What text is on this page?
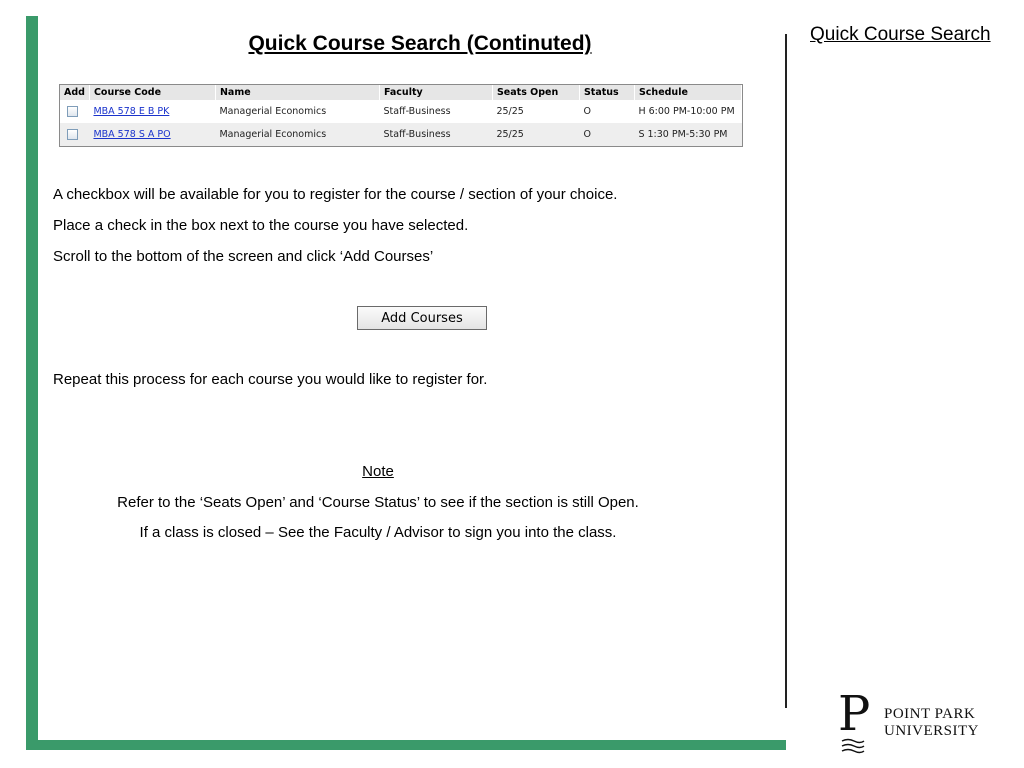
Quick Course Search
Quick Course Search (Continuted)
Add	Course Code	Name	Faculty	Seats Open	Status	Schedule
	MBA 578 E B PK	Managerial Economics	Staff-Business	25/25	O	H 6:00 PM-10:00 PM
	MBA 578 S A PO	Managerial Economics	Staff-Business	25/25	O	S 1:30 PM-5:30 PM
A checkbox will be available for you to register for the course / section of your choice.
Place a check in the box next to the course you have selected.
Scroll to the bottom of the screen and click ‘Add Courses’
Add Courses
Repeat this process for each course you would like to register for.
Note
Refer to the ‘Seats Open’ and ‘Course Status’ to see if the section is still Open.
If a class is closed – See the Faculty / Advisor to sign you into the class.
P POINT PARK
UNIVERSITY
